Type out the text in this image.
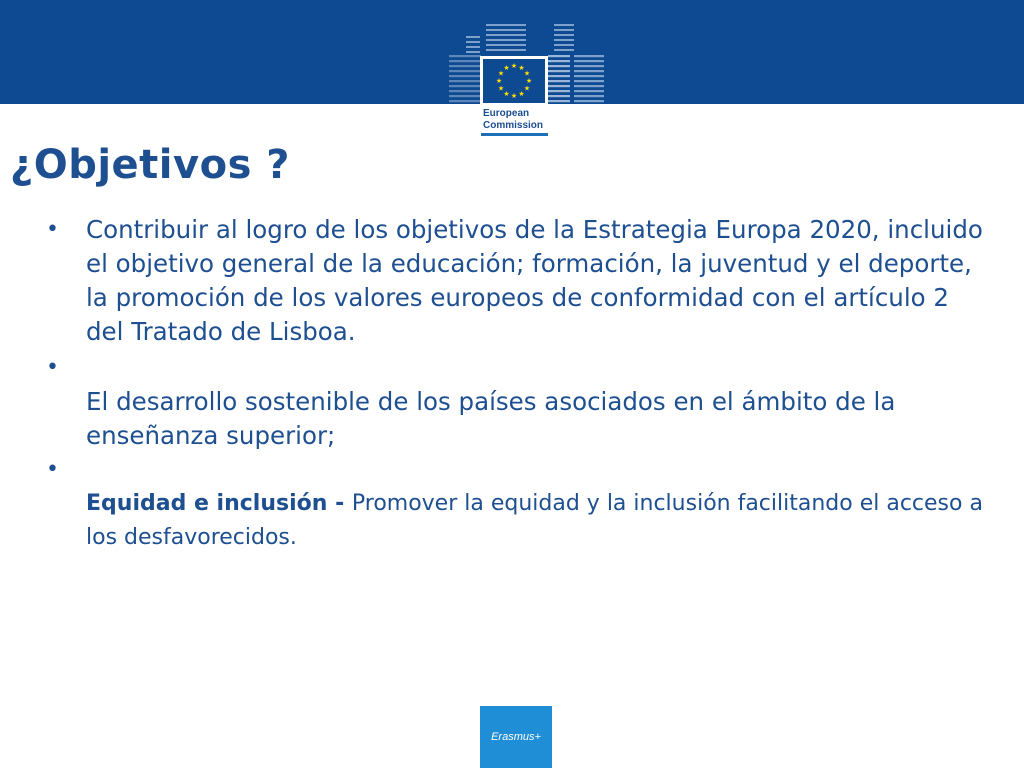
★ ★
★
★
★
★
★
★
★
★
★
★
European
Commission
¿Objetivos ?
• Contribuir al logro de los objetivos de la Estrategia Europa 2020, incluido el objetivo general de la educación; formación, la juventud y el deporte, la promoción de los valores europeos de conformidad con el artículo 2 del Tratado de Lisboa.
•
El desarrollo sostenible de los países asociados en el ámbito de la enseñanza superior;
•
Equidad e inclusión - Promover la equidad y la inclusión facilitando el acceso a los desfavorecidos.
Erasmus+
